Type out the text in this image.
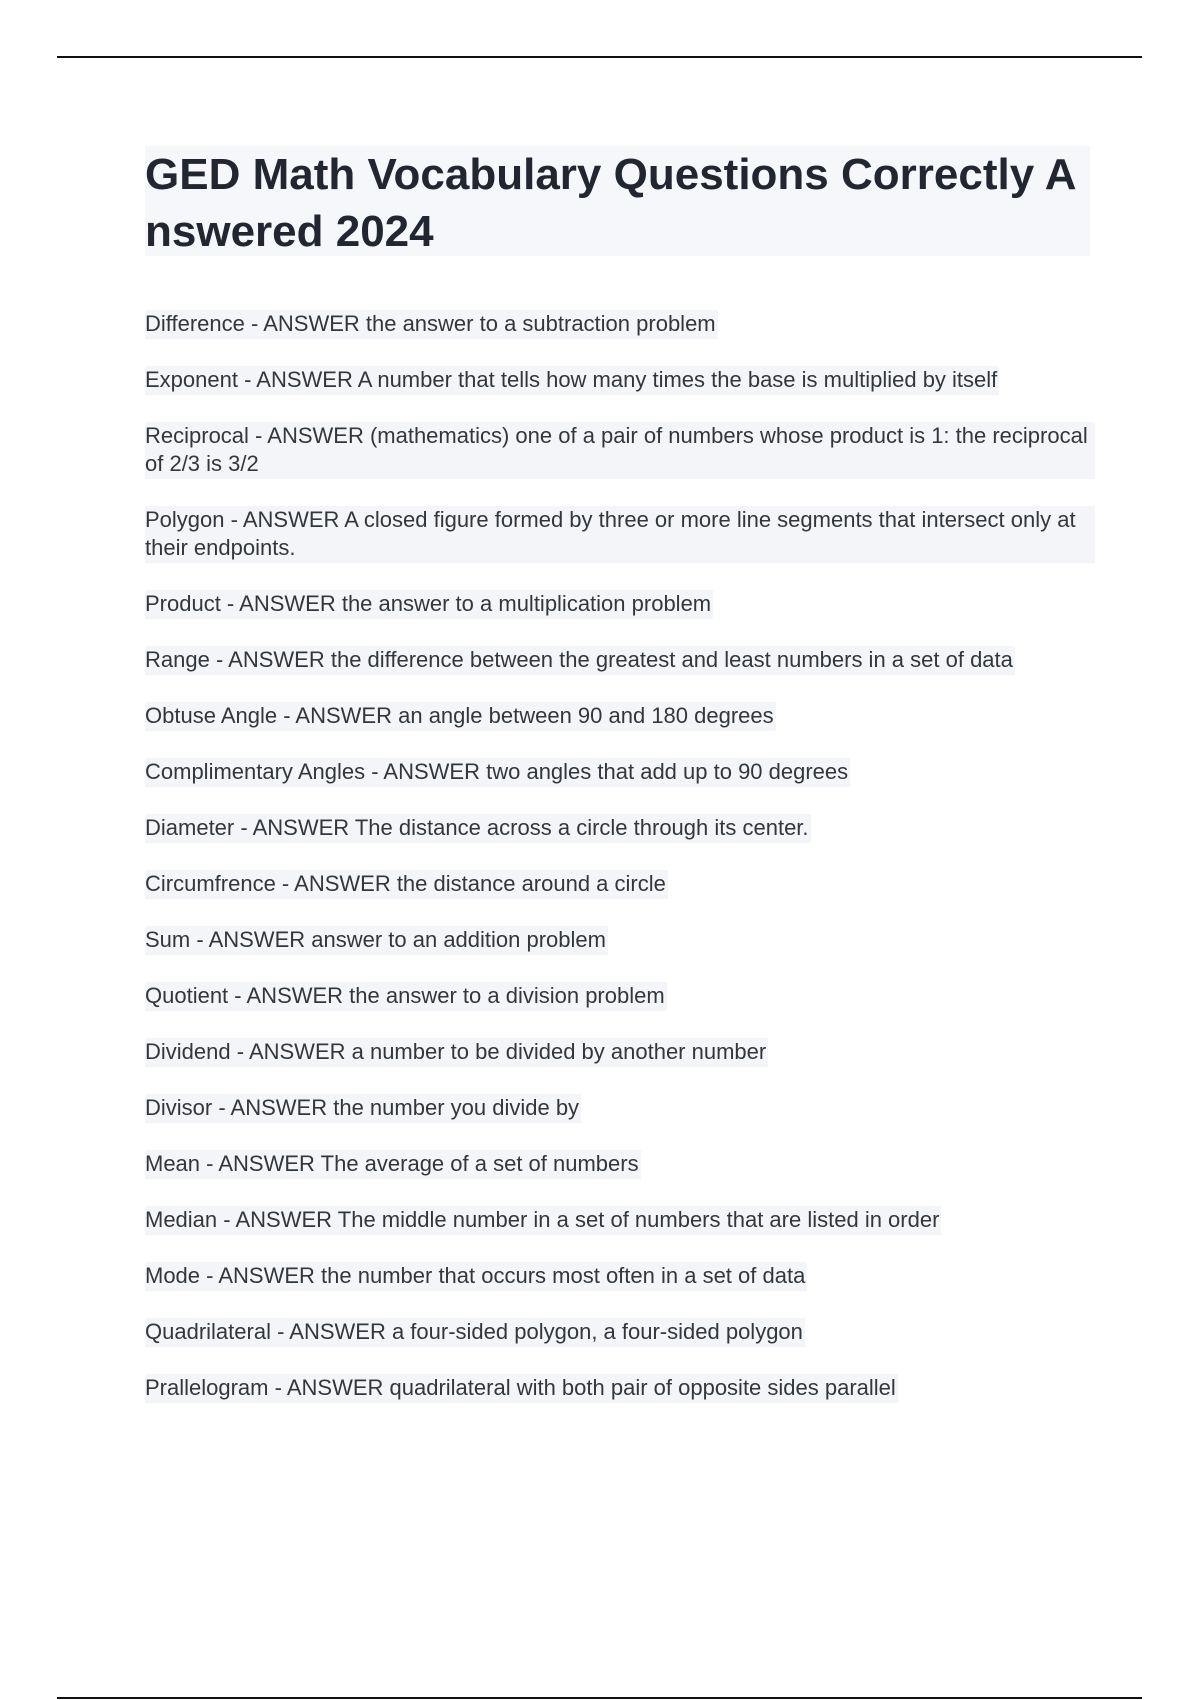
GED Math Vocabulary Questions Correctly Answered 2024
Difference - ANSWER the answer to a subtraction problem
Exponent - ANSWER A number that tells how many times the base is multiplied by itself
Reciprocal - ANSWER (mathematics) one of a pair of numbers whose product is 1: the reciprocal of 2/3 is 3/2
Polygon - ANSWER A closed figure formed by three or more line segments that intersect only at their endpoints.
Product - ANSWER the answer to a multiplication problem
Range - ANSWER the difference between the greatest and least numbers in a set of data
Obtuse Angle - ANSWER an angle between 90 and 180 degrees
Complimentary Angles - ANSWER two angles that add up to 90 degrees
Diameter - ANSWER The distance across a circle through its center.
Circumfrence - ANSWER the distance around a circle
Sum - ANSWER answer to an addition problem
Quotient - ANSWER the answer to a division problem
Dividend - ANSWER a number to be divided by another number
Divisor - ANSWER the number you divide by
Mean - ANSWER The average of a set of numbers
Median - ANSWER The middle number in a set of numbers that are listed in order
Mode - ANSWER the number that occurs most often in a set of data
Quadrilateral - ANSWER a four-sided polygon, a four-sided polygon
Prallelogram - ANSWER quadrilateral with both pair of opposite sides parallel
